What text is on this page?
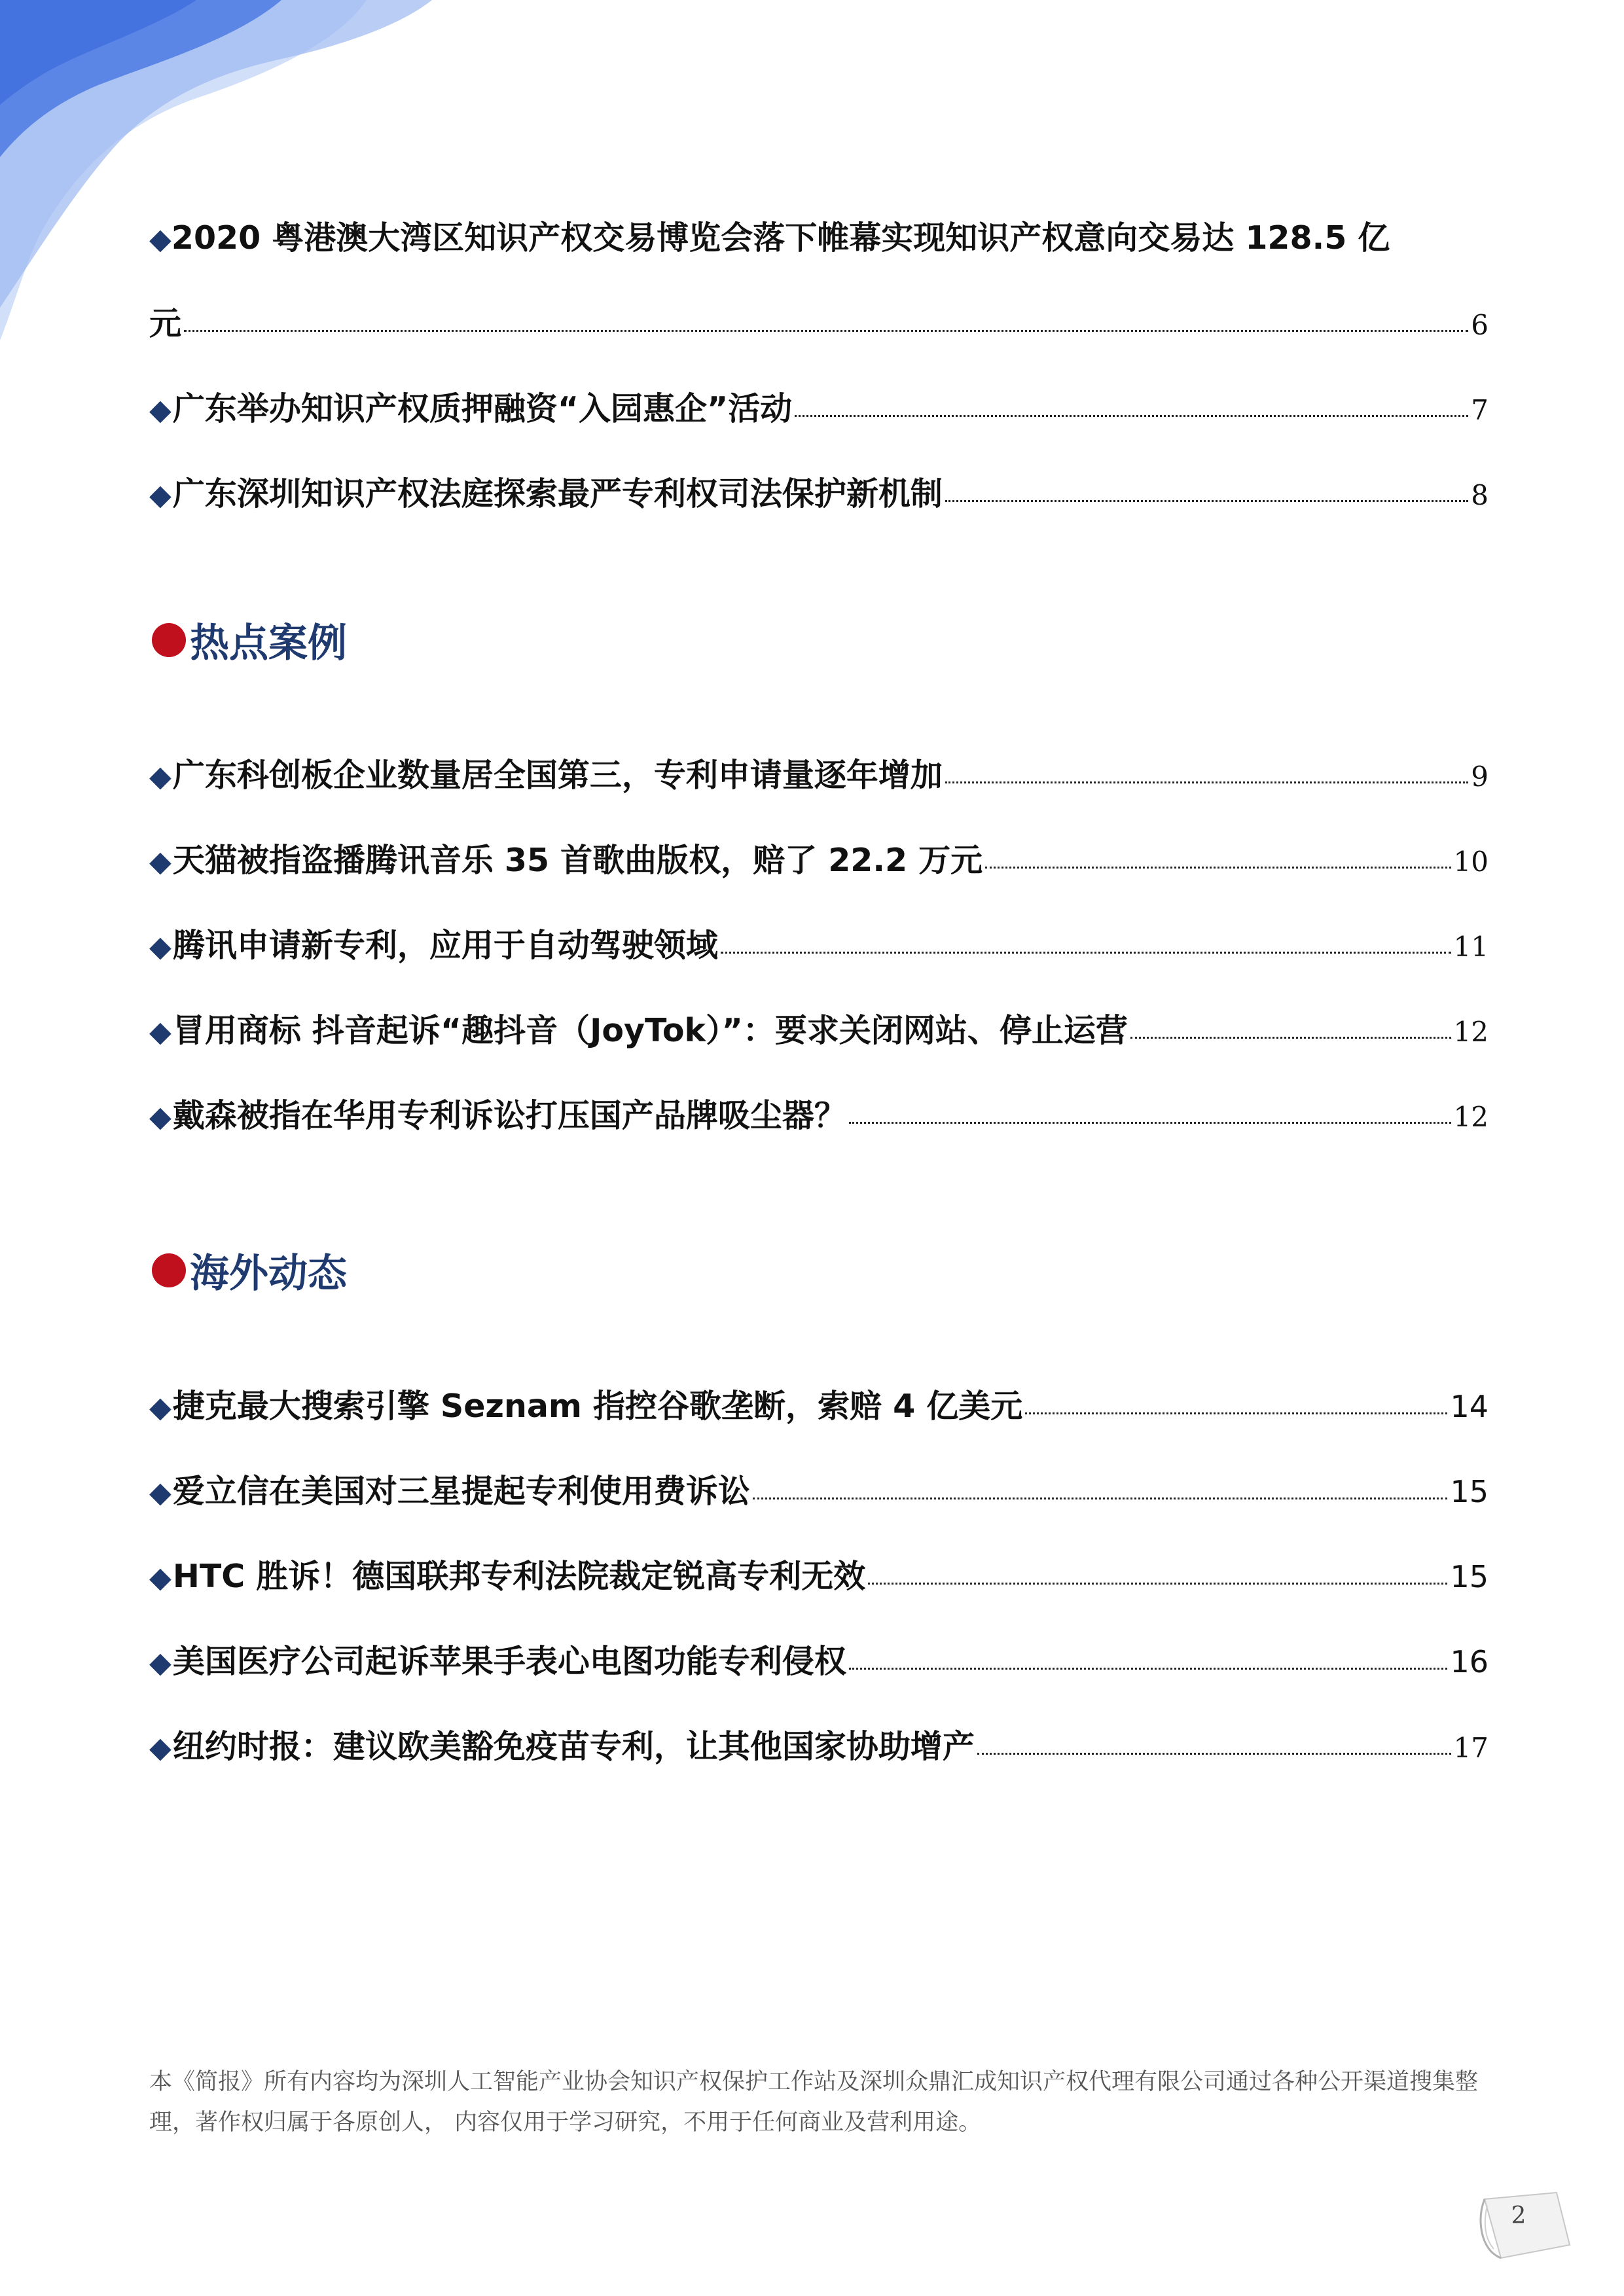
◆2020 粤港澳大湾区知识产权交易博览会落下帷幕实现知识产权意向交易达 128.5 亿
元	6
◆ 广东举办知识产权质押融资“入园惠企”活动	7
◆ 广东深圳知识产权法庭探索最严专利权司法保护新机制	8
热点案例
◆ 广东科创板企业数量居全国第三，专利申请量逐年增加	9
◆ 天猫被指盗播腾讯音乐 35 首歌曲版权，赔了 22.2 万元	10
◆ 腾讯申请新专利，应用于自动驾驶领域	11
◆ 冒用商标 抖音起诉“趣抖音（JoyTok）”：要求关闭网站、停止运营	12
◆ 戴森被指在华用专利诉讼打压国产品牌吸尘器？	12
海外动态
◆ 捷克最大搜索引擎 Seznam 指控谷歌垄断，索赔 4 亿美元	14
◆ 爱立信在美国对三星提起专利使用费诉讼	15
◆ HTC 胜诉！德国联邦专利法院裁定锐高专利无效	15
◆ 美国医疗公司起诉苹果手表心电图功能专利侵权	16
◆ 纽约时报：建议欧美豁免疫苗专利，让其他国家协助增产	17
本《简报》所有内容均为深圳人工智能产业协会知识产权保护工作站及深圳众鼎汇成知识产权代理有限公司通过各种公开渠道搜集整理，著作权归属于各原创人， 内容仅用于学习研究，不用于任何商业及营利用途。
2
